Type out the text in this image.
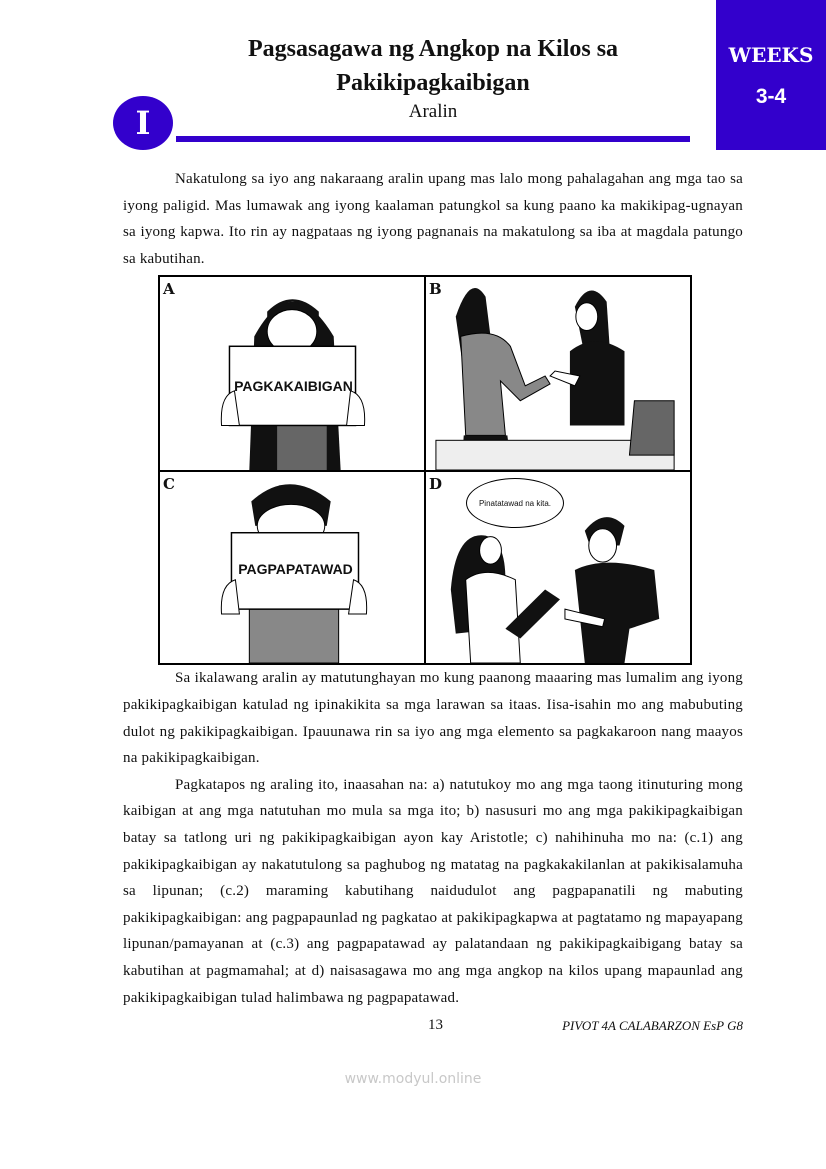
Pagsasagawa ng Angkop na Kilos sa Pakikipagkaibigan
Aralin
I
WEEKS
3-4

Nakatulong sa iyo ang nakaraang aralin upang mas lalo mong pahalagahan ang mga tao sa iyong paligid. Mas lumawak ang iyong kaalaman patungkol sa kung paano ka makikipag-ugnayan sa iyong kapwa. Ito rin ay nagpataas ng iyong pagnanais na makatulong sa iba at magdala patungo sa kabutihan.

A
PAGKAKAIBIGAN
B
C
PAGPAPATAWAD
D
Pinatatawad na kita.

Sa ikalawang aralin ay matutunghayan mo kung paanong maaaring mas lumalim ang iyong pakikipagkaibigan katulad ng ipinakikita sa mga larawan sa itaas. Iisa-isahin mo ang mabubuting dulot ng pakikipagkaibigan. Ipauunawa rin sa iyo ang mga elemento sa pagkakaroon nang maayos na pakikipagkaibigan.

Pagkatapos ng araling ito, inaasahan na: a) natutukoy mo ang mga taong itinuturing mong kaibigan at ang mga natutuhan mo mula sa mga ito; b) nasusuri mo ang mga pakikipagkaibigan batay sa tatlong uri ng pakikipagkaibigan ayon kay Aristotle; c) nahihinuha mo na: (c.1) ang pakikipagkaibigan ay nakatutulong sa paghubog ng matatag na pagkakakilanlan at pakikisalamuha sa lipunan; (c.2) maraming kabutihang naidudulot ang pagpapanatili ng mabuting pakikipagkaibigan: ang pagpapaunlad ng pagkatao at pakikipagkapwa at pagtatamo ng mapayapang lipunan/pamayanan at (c.3) ang pagpapatawad ay palatandaan ng pakikipagkaibigang batay sa kabutihan at pagmamahal; at d) naisasagawa mo ang mga angkop na kilos upang mapaunlad ang pakikipagkaibigan tulad halimbawa ng pagpapatawad.

13	PIVOT 4A CALABARZON EsP G8
www.modyul.online
